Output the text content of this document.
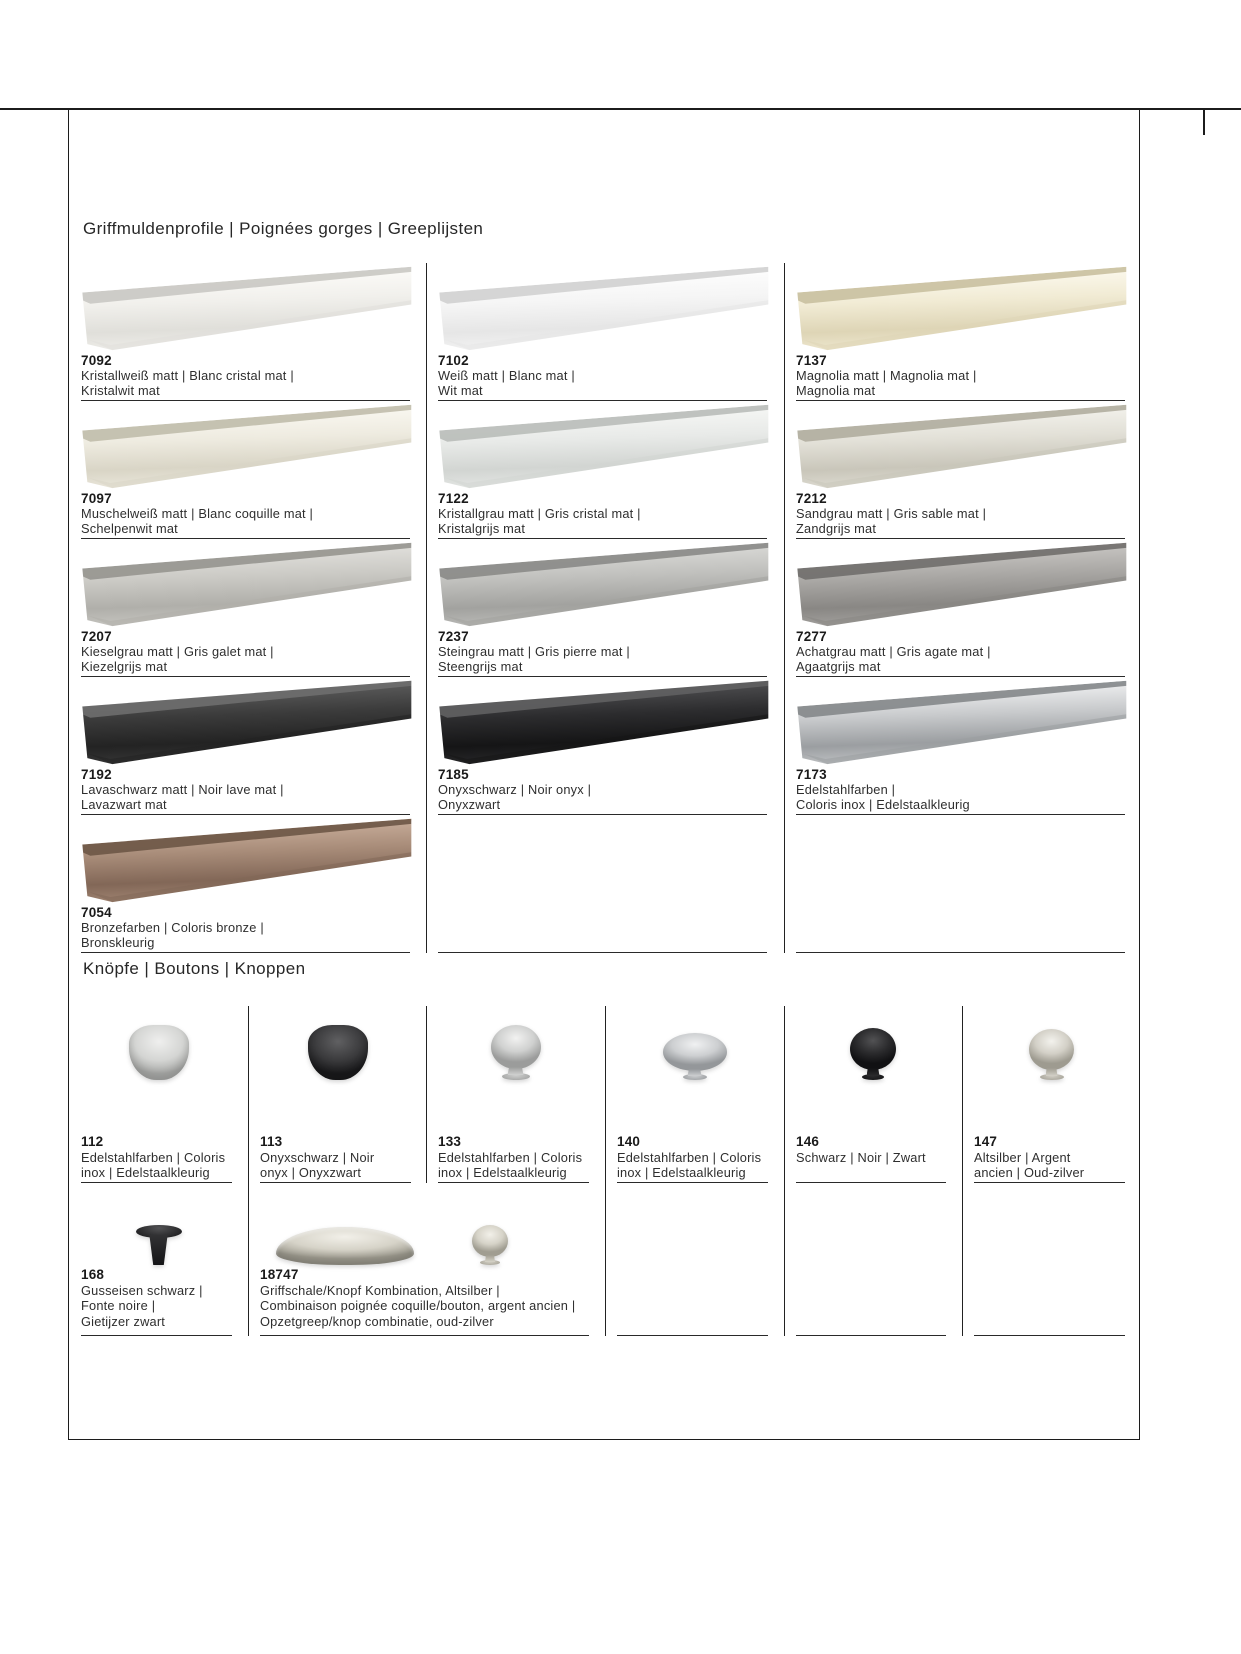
Griffmuldenprofile | Poignées gorges | Greeplijsten
7092
Kristallweiß matt | Blanc cristal mat |
Kristalwit mat
7102
Weiß matt | Blanc mat |
Wit mat
7137
Magnolia matt | Magnolia mat |
Magnolia mat
7097
Muschelweiß matt | Blanc coquille mat |
Schelpenwit mat
7122
Kristallgrau matt | Gris cristal mat |
Kristalgrijs mat
7212
Sandgrau matt | Gris sable mat |
Zandgrijs mat
7207
Kieselgrau matt | Gris galet mat |
Kiezelgrijs mat
7237
Steingrau matt | Gris pierre mat |
Steengrijs mat
7277
Achatgrau matt | Gris agate mat |
Agaatgrijs mat
7192
Lavaschwarz matt | Noir lave mat |
Lavazwart mat
7185
Onyxschwarz | Noir onyx |
Onyxzwart
7173
Edelstahlfarben |
Coloris inox | Edelstaalkleurig
7054
Bronzefarben | Coloris bronze |
Bronskleurig
Knöpfe | Boutons | Knoppen
112
Edelstahlfarben | Coloris
inox | Edelstaalkleurig
113
Onyxschwarz | Noir
onyx | Onyxzwart
133
Edelstahlfarben | Coloris
inox | Edelstaalkleurig
140
Edelstahlfarben | Coloris
inox | Edelstaalkleurig
146
Schwarz | Noir | Zwart
147
Altsilber | Argent
ancien | Oud-zilver
168
Gusseisen schwarz |
Fonte noire |
Gietijzer zwart
18747
Griffschale/Knopf Kombination, Altsilber |
Combinaison poignée coquille/bouton, argent ancien |
Opzetgreep/knop combinatie, oud-zilver
